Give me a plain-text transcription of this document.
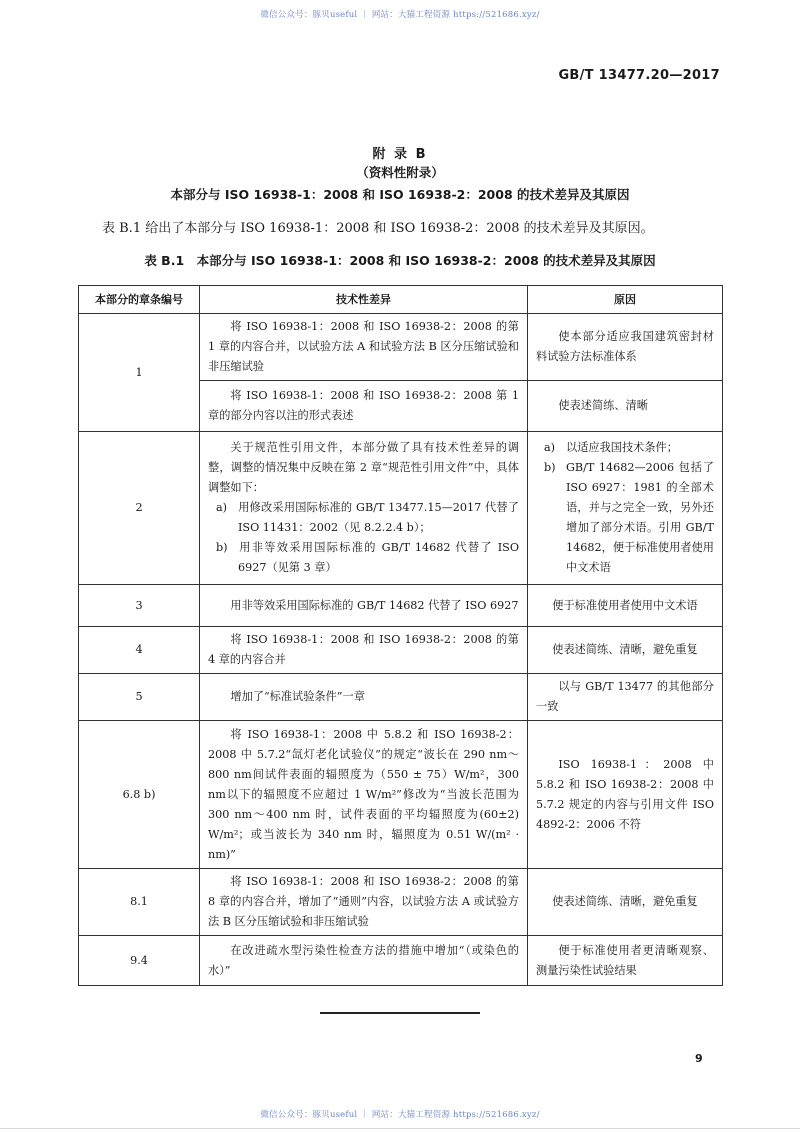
微信公众号：豚贝useful ｜ 网站：大猫工程资源 https://521686.xyz/
GB/T 13477.20—2017
附 录 B
（资料性附录）
本部分与 ISO 16938-1：2008 和 ISO 16938-2：2008 的技术差异及其原因
表 B.1 给出了本部分与 ISO 16938-1：2008 和 ISO 16938-2：2008 的技术差异及其原因。
表 B.1　本部分与 ISO 16938-1：2008 和 ISO 16938-2：2008 的技术差异及其原因
本部分的章条编号	技术性差异	原因
1	将 ISO 16938-1：2008 和 ISO 16938-2：2008 的第 1 章的内容合并，以试验方法 A 和试验方法 B 区分压缩试验和非压缩试验	使本部分适应我国建筑密封材料试验方法标准体系

	将 ISO 16938-1：2008 和 ISO 16938-2：2008 第 1 章的部分内容以注的形式表述	使表述简练、清晰

2	关于规范性引用文件，本部分做了具有技术性差异的调整，调整的情况集中反映在第 2 章“规范性引用文件”中，具体调整如下：
a) 用修改采用国际标准的 GB/T 13477.15—2017 代替了 ISO 11431：2002（见 8.2.2.4 b）；
b) 用非等效采用国际标准的 GB/T 14682 代替了 ISO 6927（见第 3 章）	a) 以适应我国技术条件；
b) GB/T 14682—2006 包括了 ISO 6927：1981 的全部术语，并与之完全一致，另外还增加了部分术语。引用 GB/T 14682，便于标准使用者使用中文术语

3	用非等效采用国际标准的 GB/T 14682 代替了 ISO 6927	便于标准使用者使用中文术语
4	将 ISO 16938-1：2008 和 ISO 16938-2：2008 的第 4 章的内容合并	使表述简练、清晰，避免重复
5	增加了“标准试验条件”一章	以与 GB/T 13477 的其他部分一致

6.8 b)	将 ISO 16938-1：2008 中 5.8.2 和 ISO 16938-2：2008 中 5.7.2“氙灯老化试验仪”的规定“波长在 290 nm～800 nm间试件表面的辐照度为（550 ± 75）W/m²，300 nm以下的辐照度不应超过 1 W/m²”修改为“当波长范围为 300 nm～400 nm 时，试件表面的平均辐照度为(60±2) W/m²；或当波长为 340 nm 时，辐照度为 0.51 W/(m² · nm)”	ISO 16938-1：2008 中 5.8.2 和 ISO 16938-2：2008 中 5.7.2 规定的内容与引用文件 ISO 4892-2：2006 不符

8.1	将 ISO 16938-1：2008 和 ISO 16938-2：2008 的第 8 章的内容合并，增加了“通则”内容，以试验方法 A 或试验方法 B 区分压缩试验和非压缩试验	使表述简练、清晰，避免重复
9.4	在改进疏水型污染性检查方法的措施中增加“（或染色的水）”	便于标准使用者更清晰观察、测量污染性试验结果
9
微信公众号：豚贝useful ｜ 网站：大猫工程资源 https://521686.xyz/
